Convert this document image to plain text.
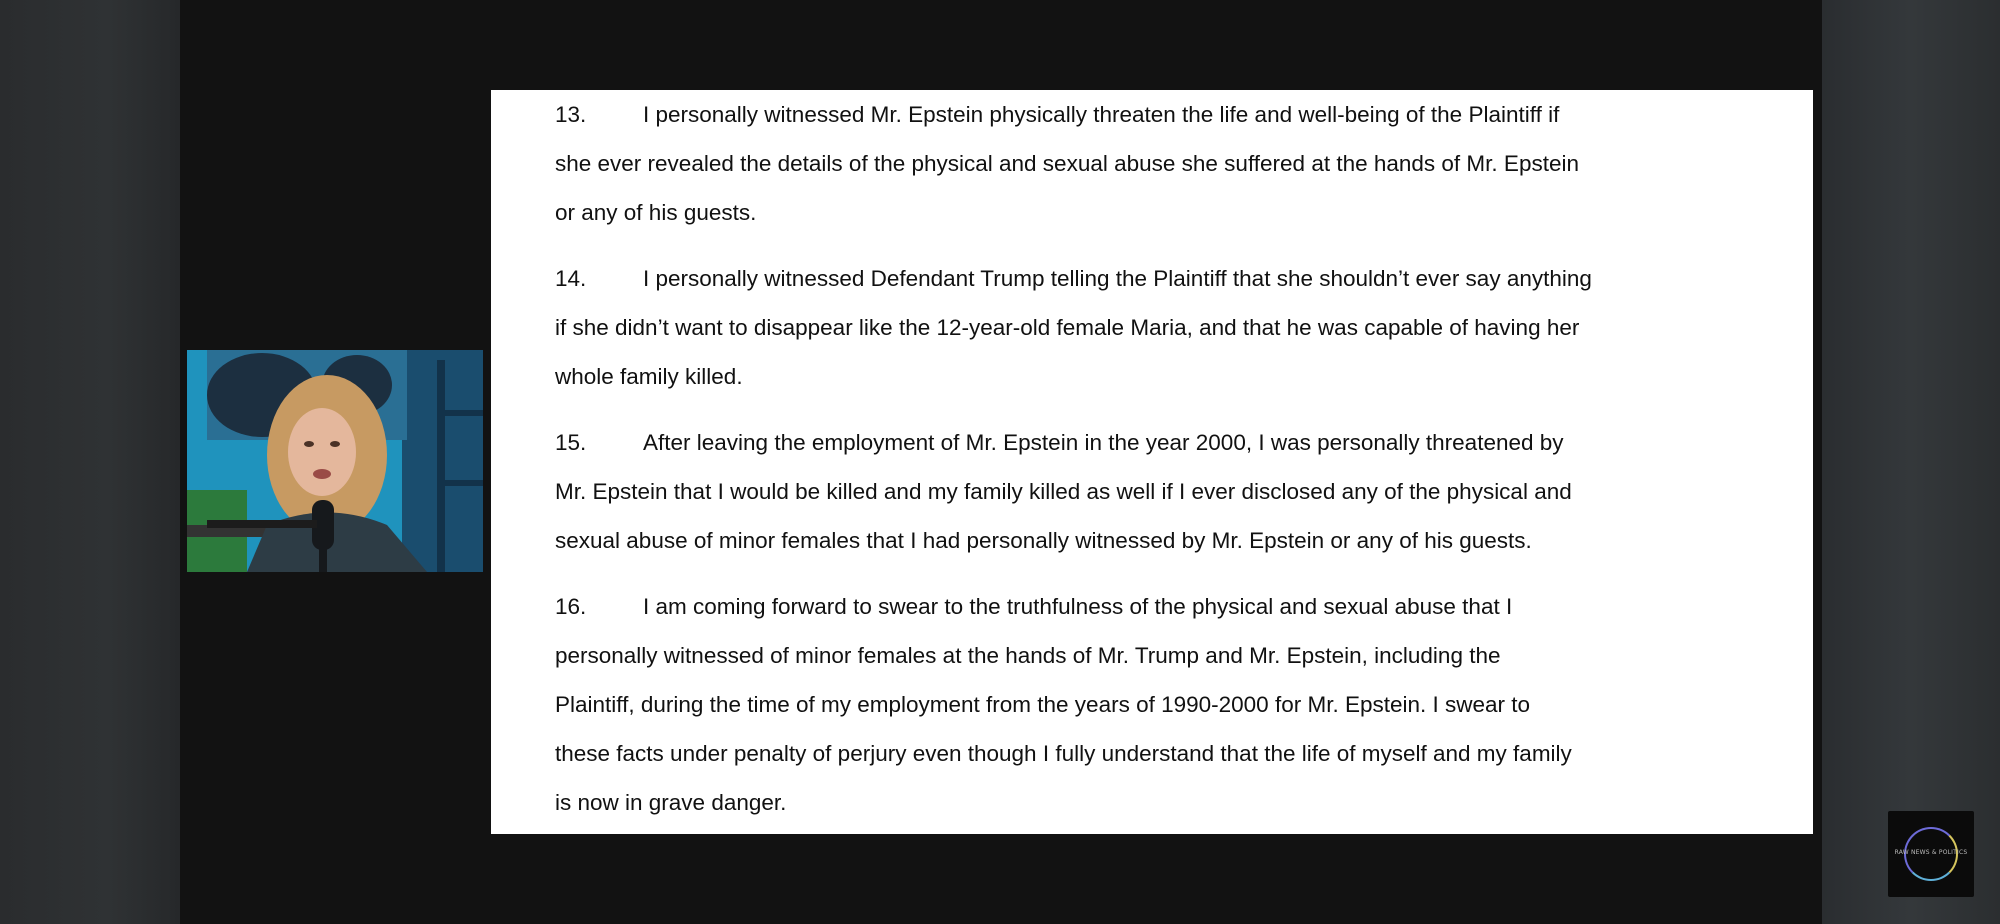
13.	I personally witnessed Mr. Epstein physically threaten the life and well-being of the Plaintiff if
she ever revealed the details of the physical and sexual abuse she suffered at the hands of Mr. Epstein
or any of his guests.
14.	I personally witnessed Defendant Trump telling the Plaintiff that she shouldn’t ever say anything
if she didn’t want to disappear like the 12-year-old female Maria, and that he was capable of having her
whole family killed.
15.	After leaving the employment of Mr. Epstein in the year 2000, I was personally threatened by
Mr. Epstein that I would be killed and my family killed as well if I ever disclosed any of the physical and
sexual abuse of minor females that I had personally witnessed by Mr. Epstein or any of his guests.
16.	I am coming forward to swear to the truthfulness of the physical and sexual abuse that I
personally witnessed of minor females at the hands of Mr. Trump and Mr. Epstein, including the
Plaintiff, during the time of my employment from the years of 1990-2000 for Mr. Epstein. I swear to
these facts under penalty of perjury even though I fully understand that the life of myself and my family
is now in grave danger.
RAW NEWS & POLITICS
